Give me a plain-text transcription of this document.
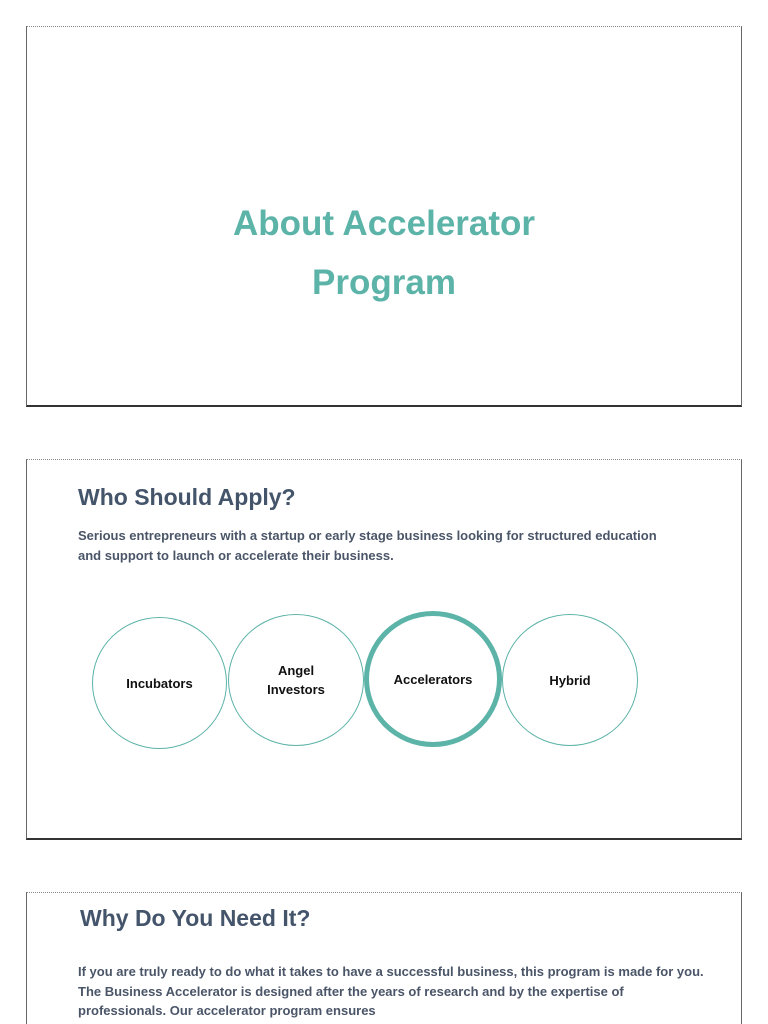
About Accelerator
Program
Who Should Apply?

Serious entrepreneurs with a startup or early stage business looking for structured education and support to launch or accelerate their business.

Incubators
Angel Investors
Accelerators	Hybrid
Why Do You Need It?

If you are truly ready to do what it takes to have a successful business, this program is made for you. The Business Accelerator is designed after the years of research and by the expertise of professionals. Our accelerator program ensures
